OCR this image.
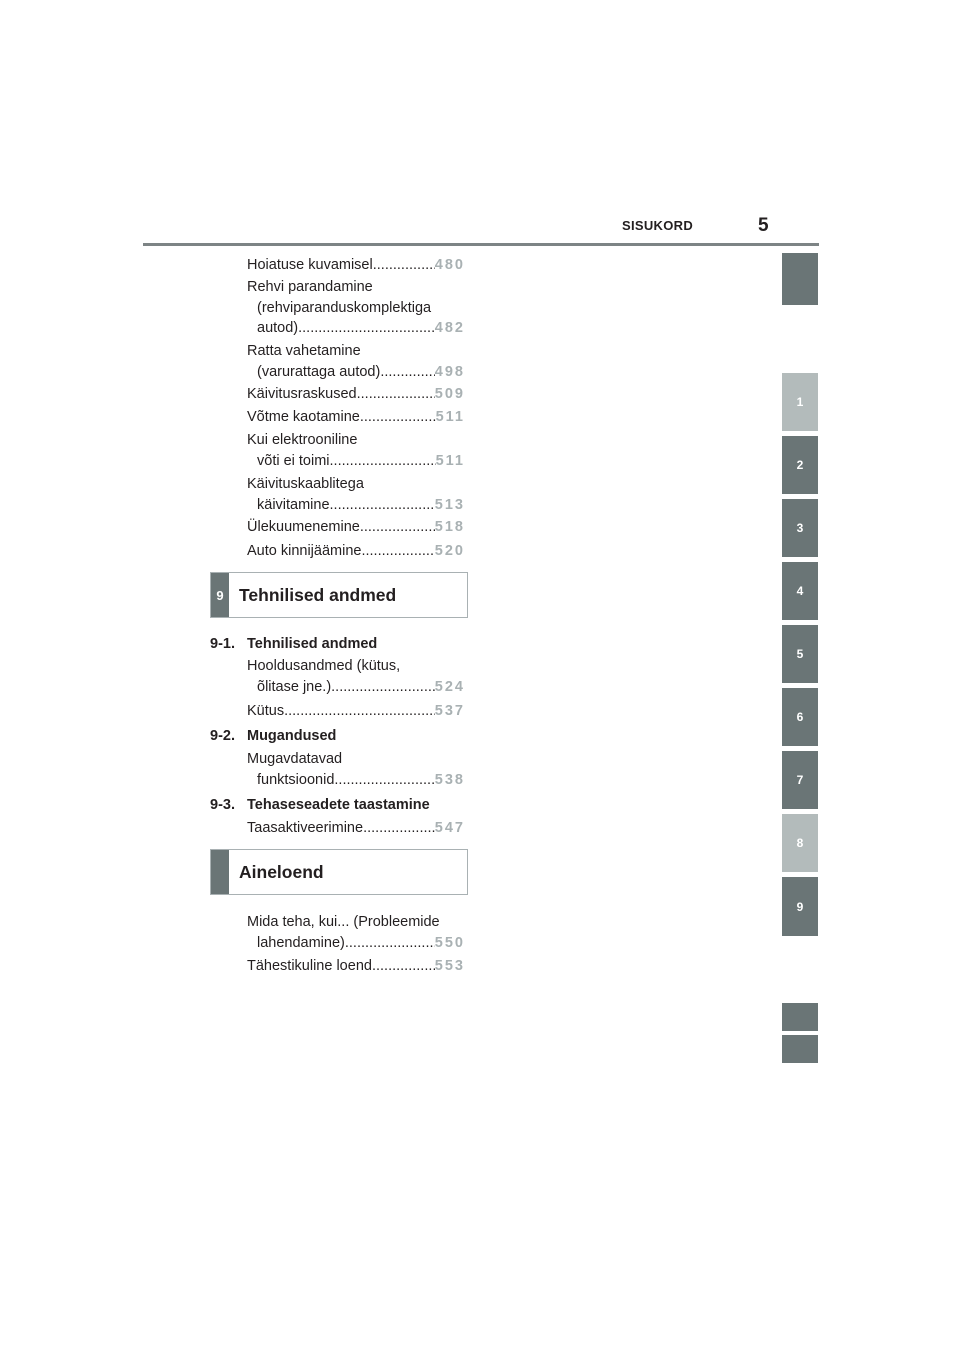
SISUKORD	5
1
2
3
4
5
6
7
8
9
Hoiatuse kuvamisel .....	480
Rehvi parandamine
(rehviparanduskomplektiga
autod) .....	482
Ratta vahetamine
(varurattaga autod) .....	498
Käivitusraskused .....	509
Võtme kaotamine .....	511
Kui elektrooniline
võti ei toimi .....	511
Käivituskaablitega
käivitamine .....	513
Ülekuumenemine .....	518
Auto kinnijäämine .....	520
9 Tehnilised andmed
9-1. Tehnilised andmed
Hooldusandmed (kütus,
õlitase jne.) .....	524
Kütus .....	537
9-2. Mugandused
Mugavdatavad
funktsioonid .....	538
9-3. Tehaseseadete taastamine
Taasaktiveerimine .....	547
Aineloend
Mida teha, kui... (Probleemide
lahendamine) .....	550
Tähestikuline loend .....	553
